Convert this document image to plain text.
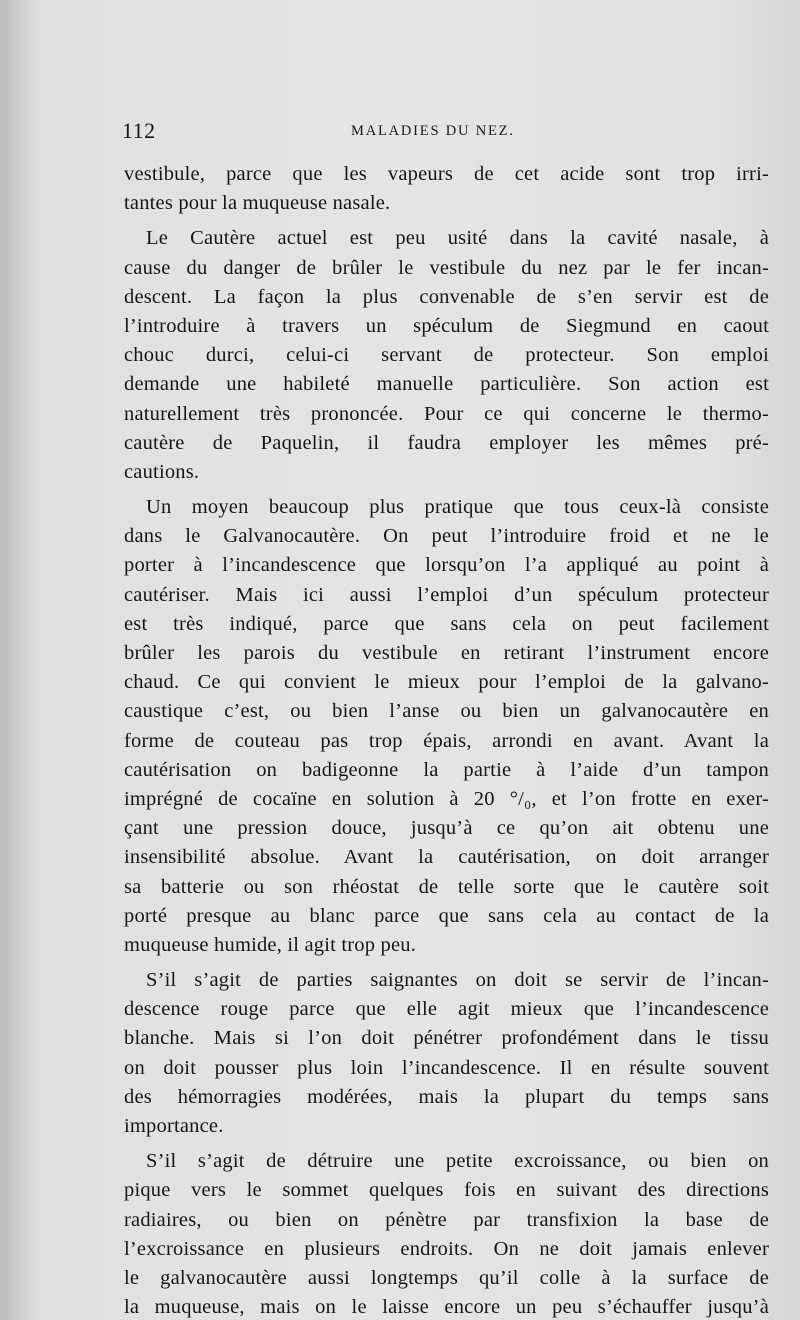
112	MALADIES DU NEZ.
vestibule, parce que les vapeurs de cet acide sont trop irri-
tantes pour la muqueuse nasale.
Le Cautère actuel est peu usité dans la cavité nasale, à
cause du danger de brûler le vestibule du nez par le fer incan-
descent. La façon la plus convenable de s’en servir est de
l’introduire à travers un spéculum de Siegmund en caout
chouc durci, celui-ci servant de protecteur. Son emploi
demande une habileté manuelle particulière. Son action est
naturellement très prononcée. Pour ce qui concerne le thermo-
cautère de Paquelin, il faudra employer les mêmes pré-
cautions.
Un moyen beaucoup plus pratique que tous ceux-là consiste
dans le Galvanocautère. On peut l’introduire froid et ne le
porter à l’incandescence que lorsqu’on l’a appliqué au point à
cautériser. Mais ici aussi l’emploi d’un spéculum protecteur
est très indiqué, parce que sans cela on peut facilement
brûler les parois du vestibule en retirant l’instrument encore
chaud. Ce qui convient le mieux pour l’emploi de la galvano-
caustique c’est, ou bien l’anse ou bien un galvanocautère en
forme de couteau pas trop épais, arrondi en avant. Avant la
cautérisation on badigeonne la partie à l’aide d’un tampon
imprégné de cocaïne en solution à 20 °/₀, et l’on frotte en exer-
çant une pression douce, jusqu’à ce qu’on ait obtenu une
insensibilité absolue. Avant la cautérisation, on doit arranger
sa batterie ou son rhéostat de telle sorte que le cautère soit
porté presque au blanc parce que sans cela au contact de la
muqueuse humide, il agit trop peu.
S’il s’agit de parties saignantes on doit se servir de l’incan-
descence rouge parce que elle agit mieux que l’incandescence
blanche. Mais si l’on doit pénétrer profondément dans le tissu
on doit pousser plus loin l’incandescence. Il en résulte souvent
des hémorragies modérées, mais la plupart du temps sans
importance.
S’il s’agit de détruire une petite excroissance, ou bien on
pique vers le sommet quelques fois en suivant des directions
radiaires, ou bien on pénètre par transfixion la base de
l’excroissance en plusieurs endroits. On ne doit jamais enlever
le galvanocautère aussi longtemps qu’il colle à la surface de
la muqueuse, mais on le laisse encore un peu s’échauffer jusqu’à
